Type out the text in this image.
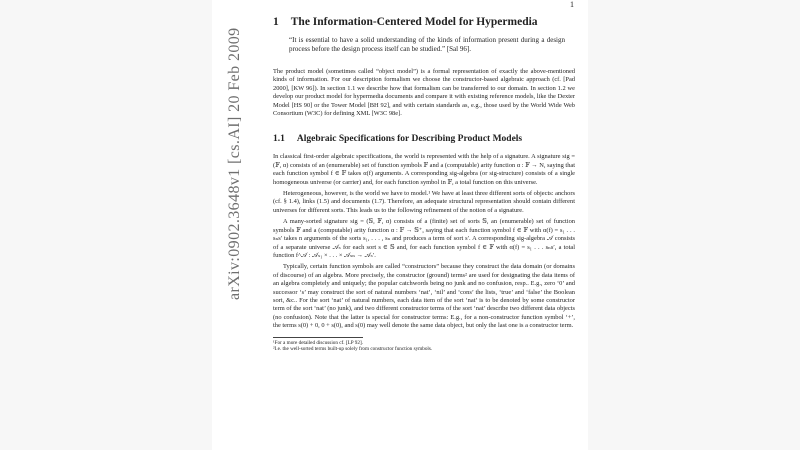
1
1 The Information-Centered Model for Hypermedia
“It is essential to have a solid understanding of the kinds of information present during a design process before the design process itself can be studied.” [Sal 96].

The product model (sometimes called “object model”) is a formal representation of exactly the above-mentioned kinds of information. For our description formalism we choose the constructor-based algebraic approach (cf. [Pad 2000], [KW 96]). In section 1.1 we describe how that formalism can be transferred to our domain. In section 1.2 we develop our product model for hypermedia documents and compare it with existing reference models, like the Dexter Model [HS 90] or the Tower Model [BH 92], and with certain standards as, e.g., those used by the World Wide Web Consortium (W3C) for defining XML [W3C 98e].

1.1 Algebraic Specifications for Describing Product Models

In classical first-order algebraic specifications, the world is represented with the help of a signature. A signature sig = (𝔽, α) consists of an (enumerable) set of function symbols 𝔽 and a (computable) arity function α : 𝔽 → N, saying that each function symbol f ∈ 𝔽 takes α(f) arguments. A corresponding sig-algebra (or sig-structure) consists of a single homogeneous universe (or carrier) and, for each function symbol in 𝔽, a total function on this universe.

Heterogeneous, however, is the world we have to model.¹ We have at least three different sorts of objects: anchors (cf. § 1.4), links (1.5) and documents (1.7). Therefore, an adequate structural representation should contain different universes for different sorts. This leads us to the following refinement of the notion of a signature.

A many-sorted signature sig = (𝕊, 𝔽, α) consists of a (finite) set of sorts 𝕊, an (enumerable) set of function symbols 𝔽 and a (computable) arity function α : 𝔽 → 𝕊⁺, saying that each function symbol f ∈ 𝔽 with α(f) = s₁ . . . sₙs′ takes n arguments of the sorts s₁, . . . , sₙ and produces a term of sort s′. A corresponding sig-algebra 𝒜 consists of a separate universe 𝒜ₛ for each sort s ∈ 𝕊 and, for each function symbol f ∈ 𝔽 with α(f) = s₁ . . . sₙs′, a total function f^𝒜 : 𝒜ₛ₁ × . . . × 𝒜ₛₙ → 𝒜ₛ′.

Typically, certain function symbols are called “constructors” because they construct the data domain (or domains of discourse) of an algebra. More precisely, the constructor (ground) terms² are used for designating the data items of an algebra completely and uniquely; the popular catchwords being no junk and no confusion, resp.. E.g., zero ‘0’ and successor ‘s’ may construct the sort of natural numbers ‘nat’, ‘nil’ and ‘cons’ the lists, ‘true’ and ‘false’ the Boolean sort, &c.. For the sort ‘nat’ of natural numbers, each data item of the sort ‘nat’ is to be denoted by some constructor term of the sort ‘nat’ (no junk), and two different constructor terms of the sort ‘nat’ describe two different data objects (no confusion). Note that the latter is special for constructor terms: E.g., for a non-constructor function symbol ‘+’, the terms s(0) + 0, 0 + s(0), and s(0) may well denote the same data object, but only the last one is a constructor term.

¹For a more detailed discussion cf. [LP 92].
²I.e. the well-sorted terms built-up solely from constructor function symbols.
arXiv:0902.3648v1 [cs.AI] 20 Feb 2009
